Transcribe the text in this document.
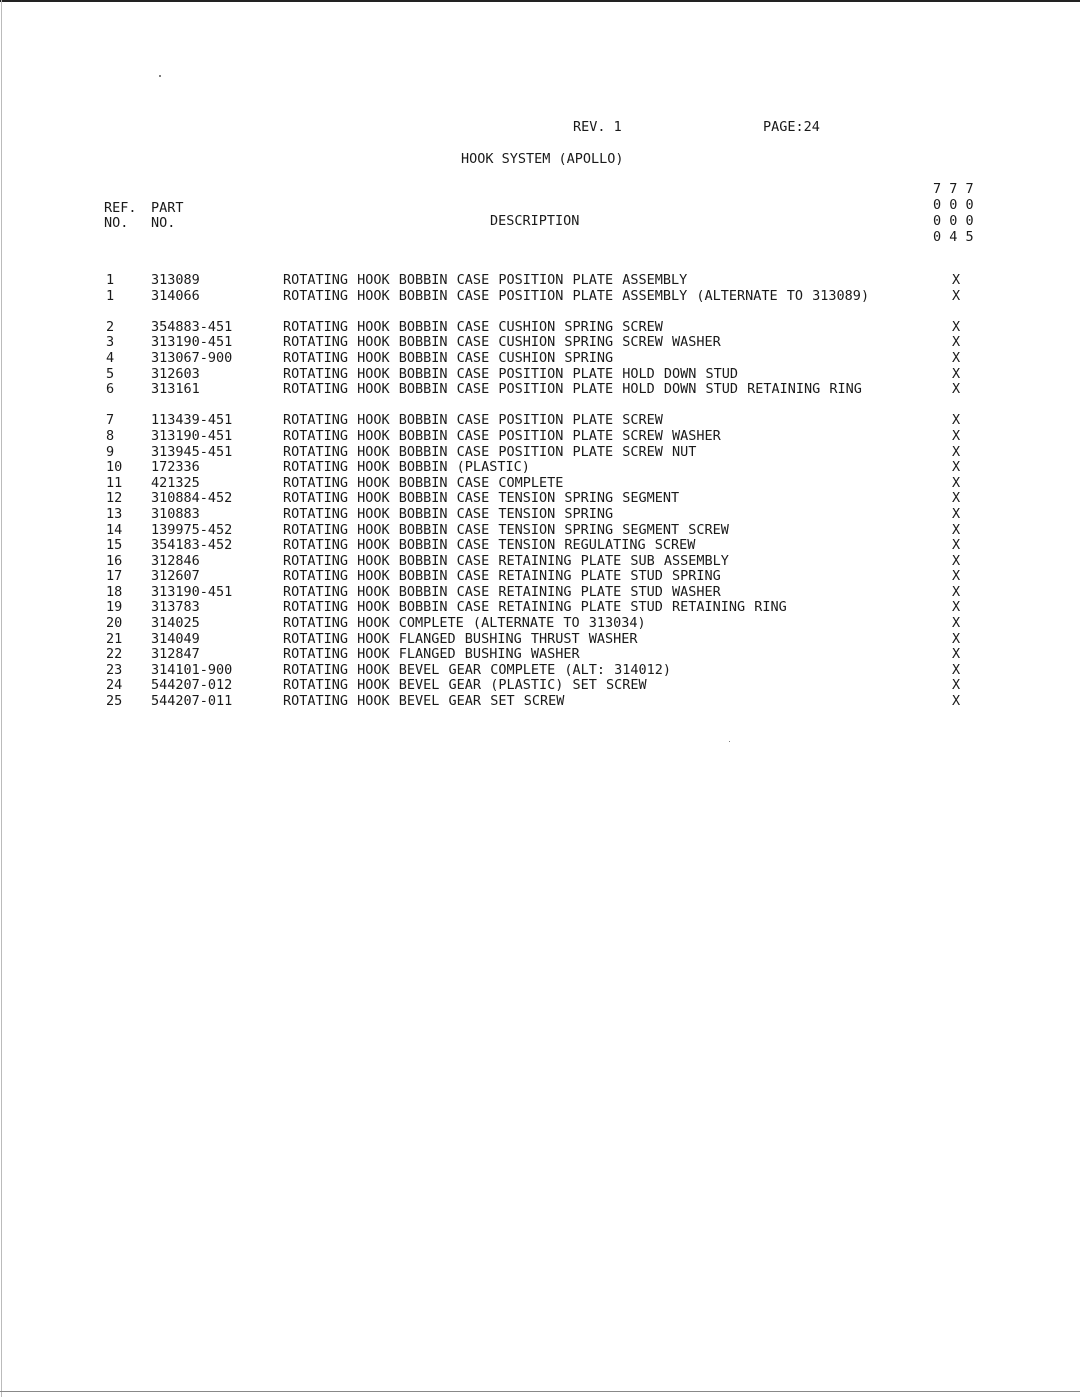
REV. 1	PAGE:24
HOOK SYSTEM (APOLLO)
REF.
NO.
PART
NO.	DESCRIPTION
7 7 7
0 0 0
0 0 0
0 4 5
1	313089	ROTATING HOOK BOBBIN CASE POSITION PLATE ASSEMBLY	X
1	314066	ROTATING HOOK BOBBIN CASE POSITION PLATE ASSEMBLY (ALTERNATE TO 313089)	X
2	354883-451	ROTATING HOOK BOBBIN CASE CUSHION SPRING SCREW	X
3	313190-451	ROTATING HOOK BOBBIN CASE CUSHION SPRING SCREW WASHER	X
4	313067-900	ROTATING HOOK BOBBIN CASE CUSHION SPRING	X
5	312603	ROTATING HOOK BOBBIN CASE POSITION PLATE HOLD DOWN STUD	X
6	313161	ROTATING HOOK BOBBIN CASE POSITION PLATE HOLD DOWN STUD RETAINING RING	X
7	113439-451	ROTATING HOOK BOBBIN CASE POSITION PLATE SCREW	X
8	313190-451	ROTATING HOOK BOBBIN CASE POSITION PLATE SCREW WASHER	X
9	313945-451	ROTATING HOOK BOBBIN CASE POSITION PLATE SCREW NUT	X
10 172336	ROTATING HOOK BOBBIN (PLASTIC)	X
11 421325	ROTATING HOOK BOBBIN CASE COMPLETE	X
12 310884-452	ROTATING HOOK BOBBIN CASE TENSION SPRING SEGMENT	X
13 310883	ROTATING HOOK BOBBIN CASE TENSION SPRING	X
14 139975-452	ROTATING HOOK BOBBIN CASE TENSION SPRING SEGMENT SCREW	X
15 354183-452	ROTATING HOOK BOBBIN CASE TENSION REGULATING SCREW	X
16 312846	ROTATING HOOK BOBBIN CASE RETAINING PLATE SUB ASSEMBLY	X
17 312607	ROTATING HOOK BOBBIN CASE RETAINING PLATE STUD SPRING	X
18 313190-451	ROTATING HOOK BOBBIN CASE RETAINING PLATE STUD WASHER	X
19 313783	ROTATING HOOK BOBBIN CASE RETAINING PLATE STUD RETAINING RING	X
20 314025	ROTATING HOOK COMPLETE (ALTERNATE TO 313034)	X
21 314049	ROTATING HOOK FLANGED BUSHING THRUST WASHER	X
22 312847	ROTATING HOOK FLANGED BUSHING WASHER	X
23 314101-900	ROTATING HOOK BEVEL GEAR COMPLETE (ALT: 314012)	X
24 544207-012	ROTATING HOOK BEVEL GEAR (PLASTIC) SET SCREW	X
25 544207-011	ROTATING HOOK BEVEL GEAR SET SCREW	X
